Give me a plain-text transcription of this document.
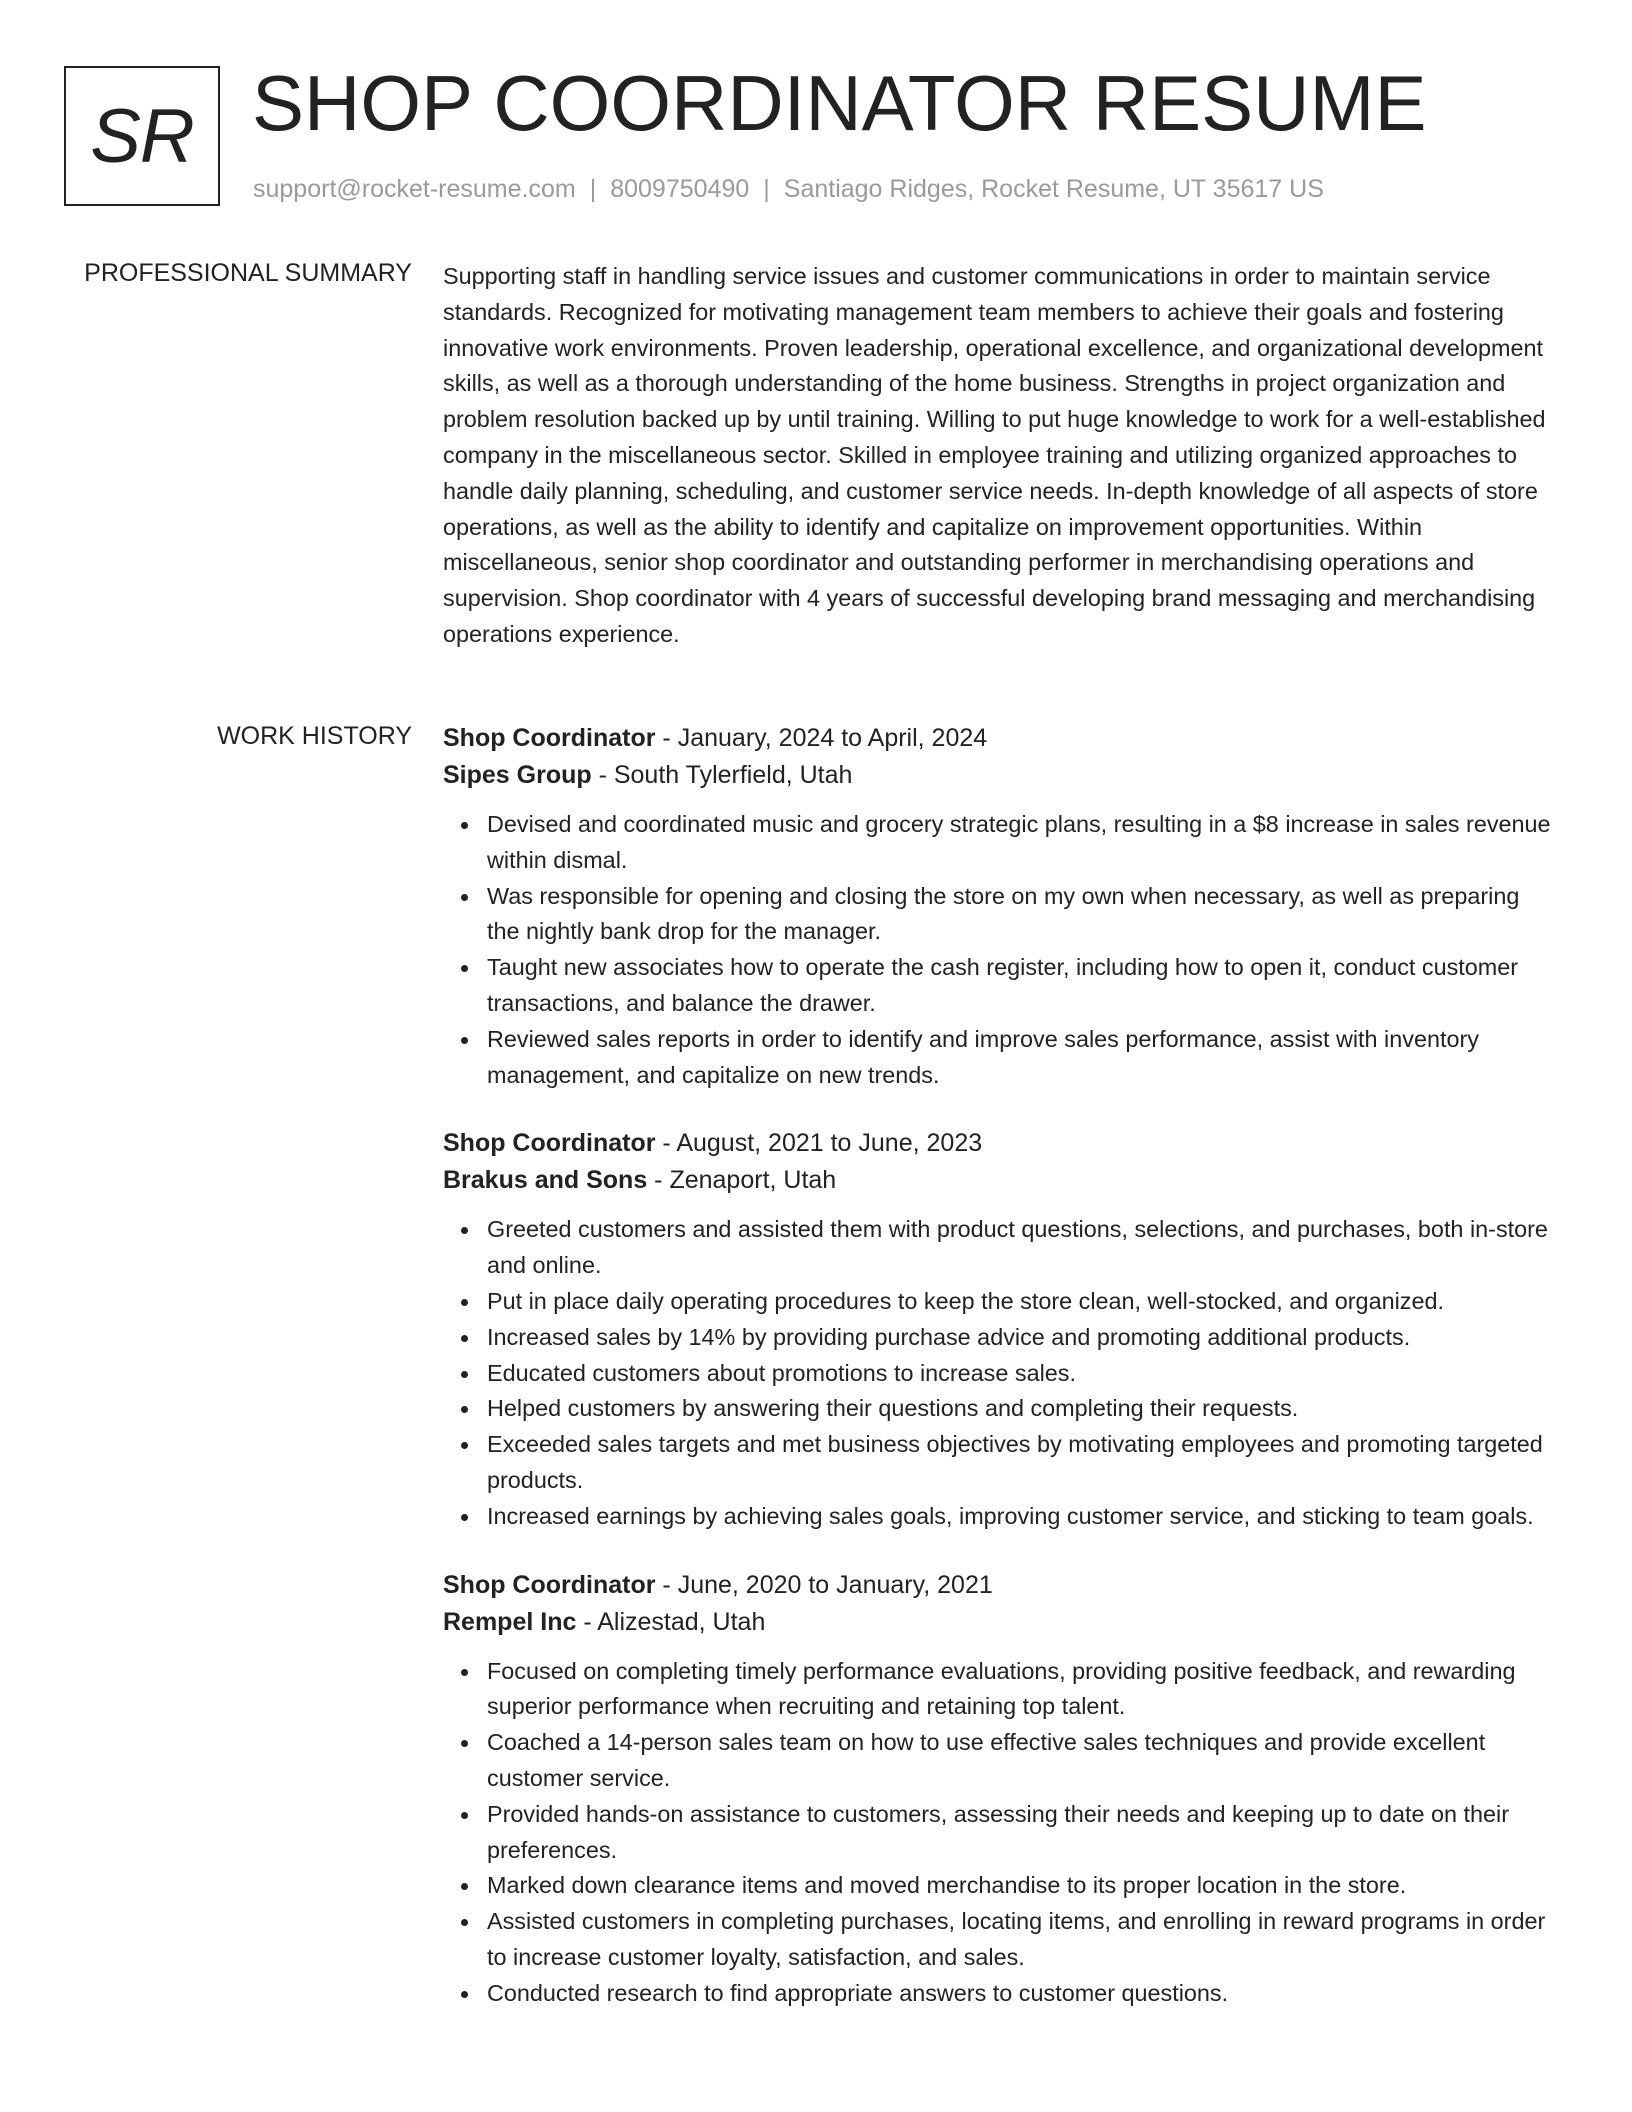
SR SHOP COORDINATOR RESUME
support@rocket-resume.com | 8009750490 | Santiago Ridges, Rocket Resume, UT 35617 US
PROFESSIONAL SUMMARY Supporting staff in handling service issues and customer communications in order to maintain service standards. Recognized for motivating management team members to achieve their goals and fostering innovative work environments. Proven leadership, operational excellence, and organizational development skills, as well as a thorough understanding of the home business. Strengths in project organization and problem resolution backed up by until training. Willing to put huge knowledge to work for a well-established company in the miscellaneous sector. Skilled in employee training and utilizing organized approaches to handle daily planning, scheduling, and customer service needs. In-depth knowledge of all aspects of store operations, as well as the ability to identify and capitalize on improvement opportunities. Within miscellaneous, senior shop coordinator and outstanding performer in merchandising operations and supervision. Shop coordinator with 4 years of successful developing brand messaging and merchandising operations experience.

WORK HISTORY Shop Coordinator - January, 2024 to April, 2024
Sipes Group - South Tylerfield, Utah
Devised and coordinated music and grocery strategic plans, resulting in a $8 increase in sales revenue within dismal.
Was responsible for opening and closing the store on my own when necessary, as well as preparing the nightly bank drop for the manager.
Taught new associates how to operate the cash register, including how to open it, conduct customer transactions, and balance the drawer.
Reviewed sales reports in order to identify and improve sales performance, assist with inventory management, and capitalize on new trends.
Shop Coordinator - August, 2021 to June, 2023
Brakus and Sons - Zenaport, Utah
Greeted customers and assisted them with product questions, selections, and purchases, both in-store and online.
Put in place daily operating procedures to keep the store clean, well-stocked, and organized.
Increased sales by 14% by providing purchase advice and promoting additional products.
Educated customers about promotions to increase sales.
Helped customers by answering their questions and completing their requests.
Exceeded sales targets and met business objectives by motivating employees and promoting targeted products.
Increased earnings by achieving sales goals, improving customer service, and sticking to team goals.
Shop Coordinator - June, 2020 to January, 2021
Rempel Inc - Alizestad, Utah
Focused on completing timely performance evaluations, providing positive feedback, and rewarding superior performance when recruiting and retaining top talent.
Coached a 14-person sales team on how to use effective sales techniques and provide excellent customer service.
Provided hands-on assistance to customers, assessing their needs and keeping up to date on their preferences.
Marked down clearance items and moved merchandise to its proper location in the store.
Assisted customers in completing purchases, locating items, and enrolling in reward programs in order to increase customer loyalty, satisfaction, and sales.
Conducted research to find appropriate answers to customer questions.
